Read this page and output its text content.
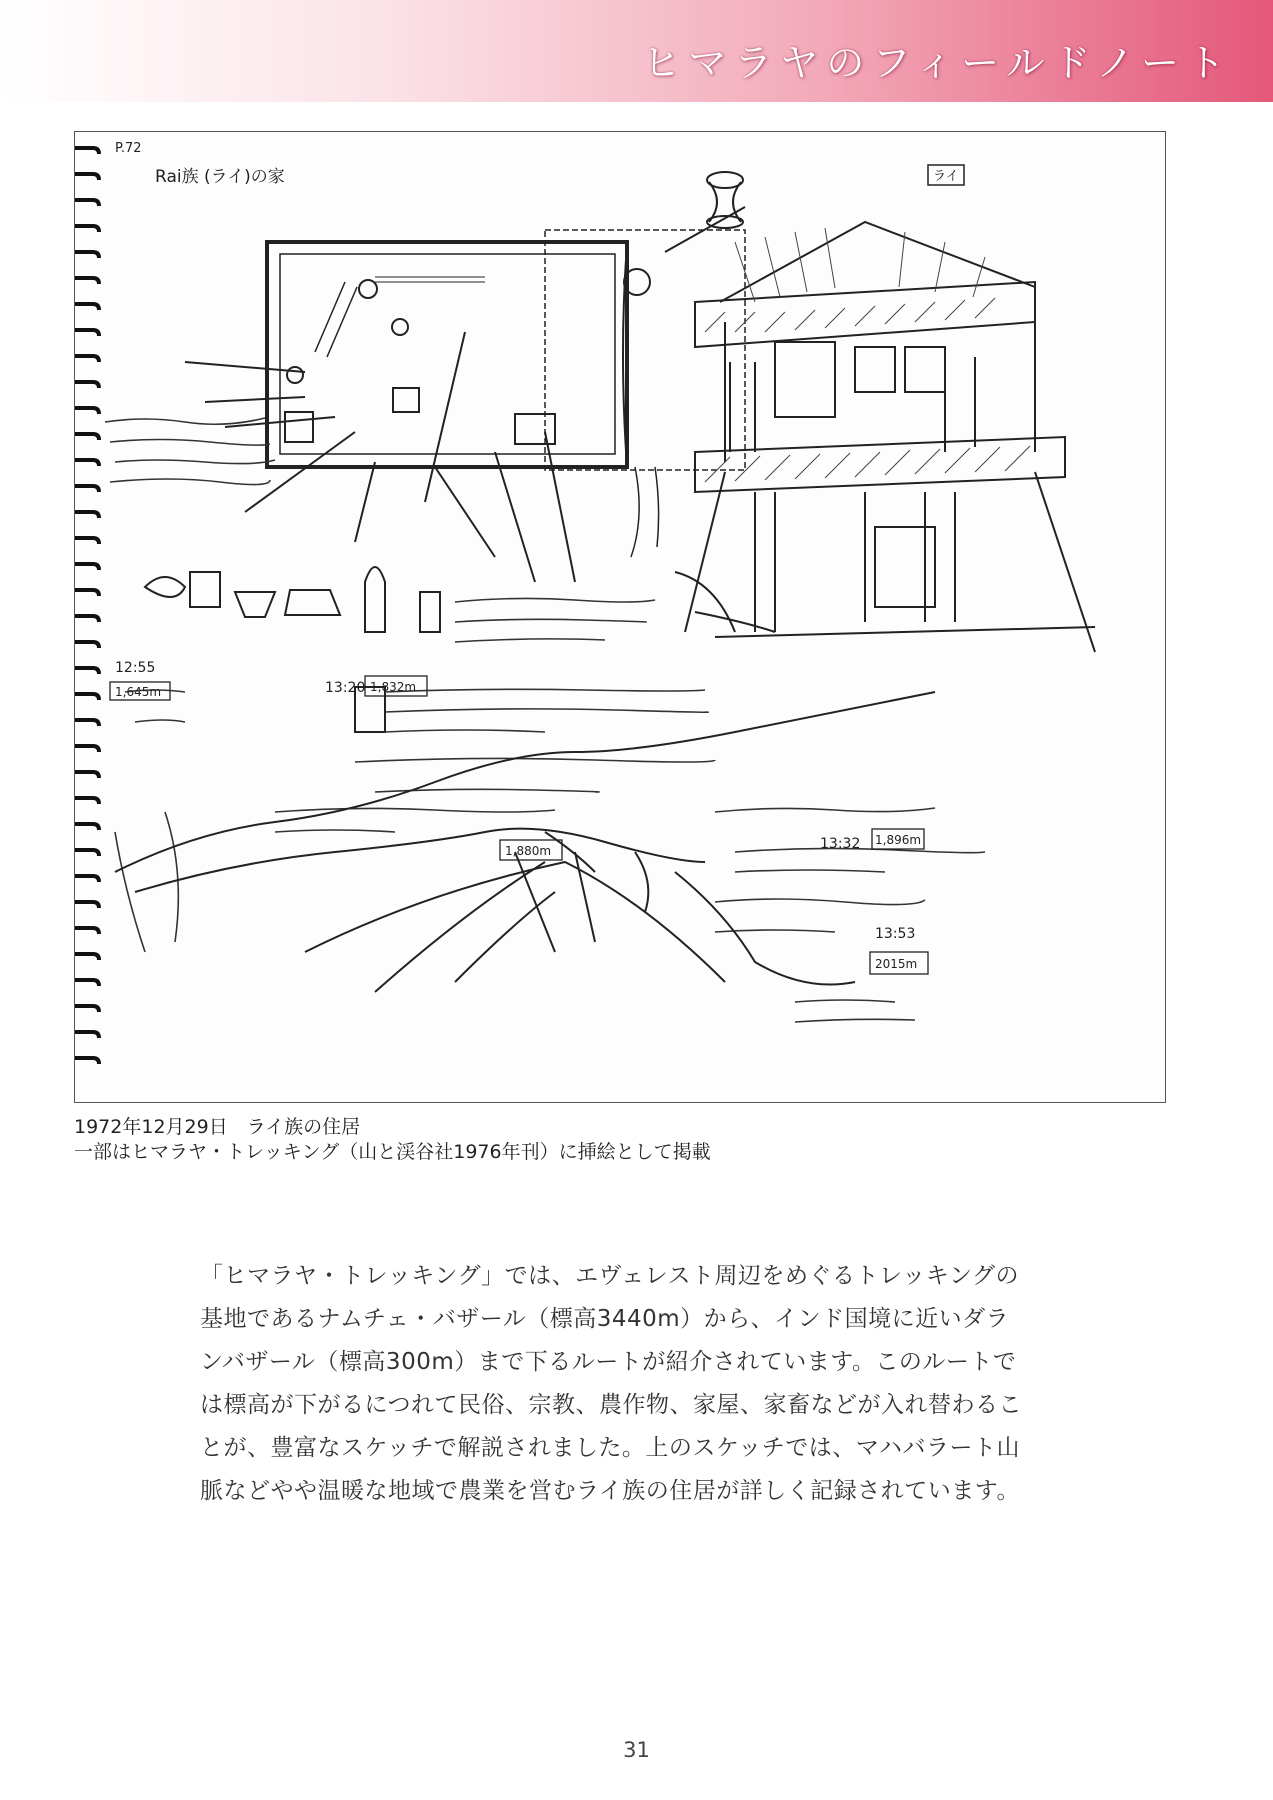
ヒマラヤのフィールドノート
P.72
Rai族 (ライ)の家	ライ
12:55
1,645m	13:20 1,832m
1,880m	13:32 1,896m
13:53
2015m
1972年12月29日　ライ族の住居
一部はヒマラヤ・トレッキング（山と渓谷社1976年刊）に挿絵として掲載
「ヒマラヤ・トレッキング」では、エヴェレスト周辺をめぐるトレッキングの
基地であるナムチェ・バザール（標高3440m）から、インド国境に近いダラ
ンバザール（標高300m）まで下るルートが紹介されています。このルートで
は標高が下がるにつれて民俗、宗教、農作物、家屋、家畜などが入れ替わるこ
とが、豊富なスケッチで解説されました。上のスケッチでは、マハバラート山
脈などやや温暖な地域で農業を営むライ族の住居が詳しく記録されています。
31
